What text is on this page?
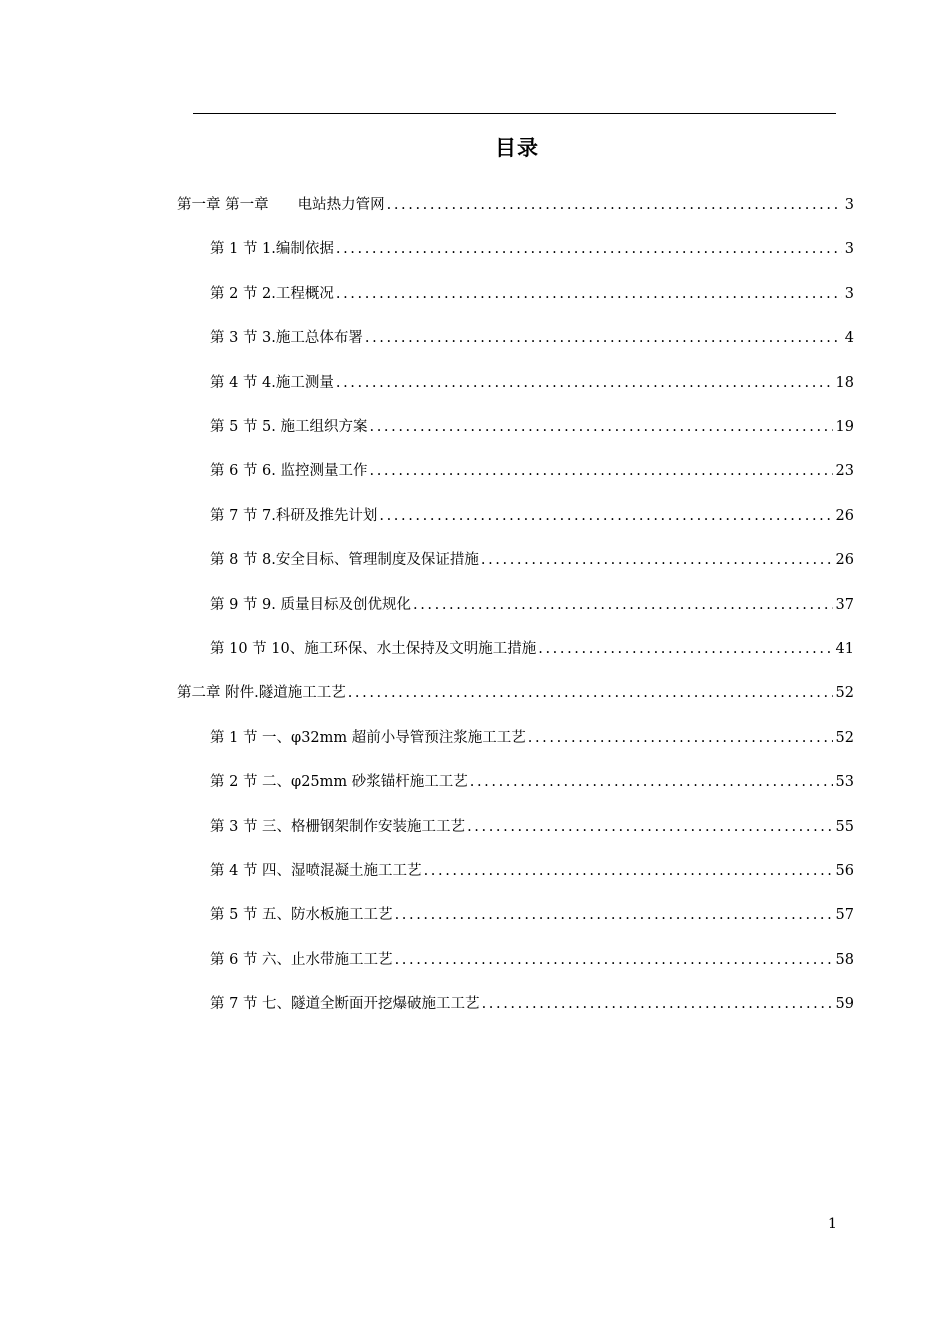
目录
第一章 第一章　　电站热力管网 .....	3
第 1 节 1.编制依据 .....	3
第 2 节 2.工程概况 .....	3
第 3 节 3.施工总体布署 .....	4
第 4 节 4.施工测量 .....	18
第 5 节 5. 施工组织方案 .....	19
第 6 节 6. 监控测量工作 .....	23
第 7 节 7.科研及推先计划 .....	26
第 8 节 8.安全目标、管理制度及保证措施 .....	26
第 9 节 9. 质量目标及创优规化 .....	37
第 10 节 10、施工环保、水土保持及文明施工措施 .....	41
第二章 附件.隧道施工工艺 .....	52
第 1 节 一、φ32mm 超前小导管预注浆施工工艺 .....	52
第 2 节 二、φ25mm 砂浆锚杆施工工艺 .....	53
第 3 节 三、格栅钢架制作安装施工工艺 .....	55
第 4 节 四、湿喷混凝土施工工艺 .....	56
第 5 节 五、防水板施工工艺 .....	57
第 6 节 六、止水带施工工艺 .....	58
第 7 节 七、隧道全断面开挖爆破施工工艺 .....	59
1
